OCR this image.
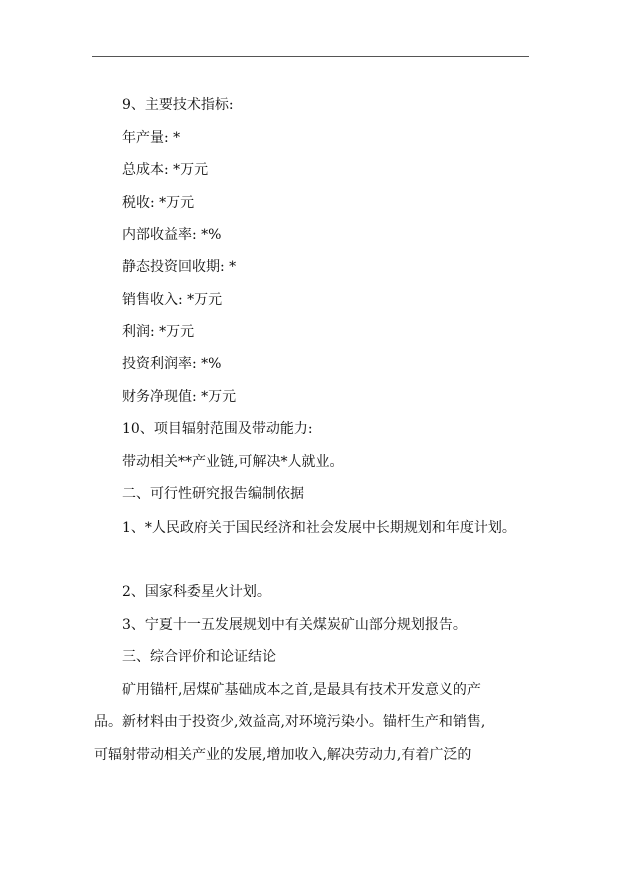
9、主要技术指标:
年产量: *
总成本: *万元
税收: *万元
内部收益率: *%
静态投资回收期: *
销售收入: *万元
利润: *万元
投资利润率: *%
财务净现值: *万元
10、项目辐射范围及带动能力:
带动相关**产业链,可解决*人就业。
二、可行性研究报告编制依据
1、*人民政府关于国民经济和社会发展中长期规划和年度计划。
2、国家科委星火计划。
3、宁夏十一五发展规划中有关煤炭矿山部分规划报告。
三、综合评价和论证结论
矿用锚杆,居煤矿基础成本之首,是最具有技术开发意义的产
品。新材料由于投资少,效益高,对环境污染小。锚杆生产和销售,
可辐射带动相关产业的发展,增加收入,解决劳动力,有着广泛的
